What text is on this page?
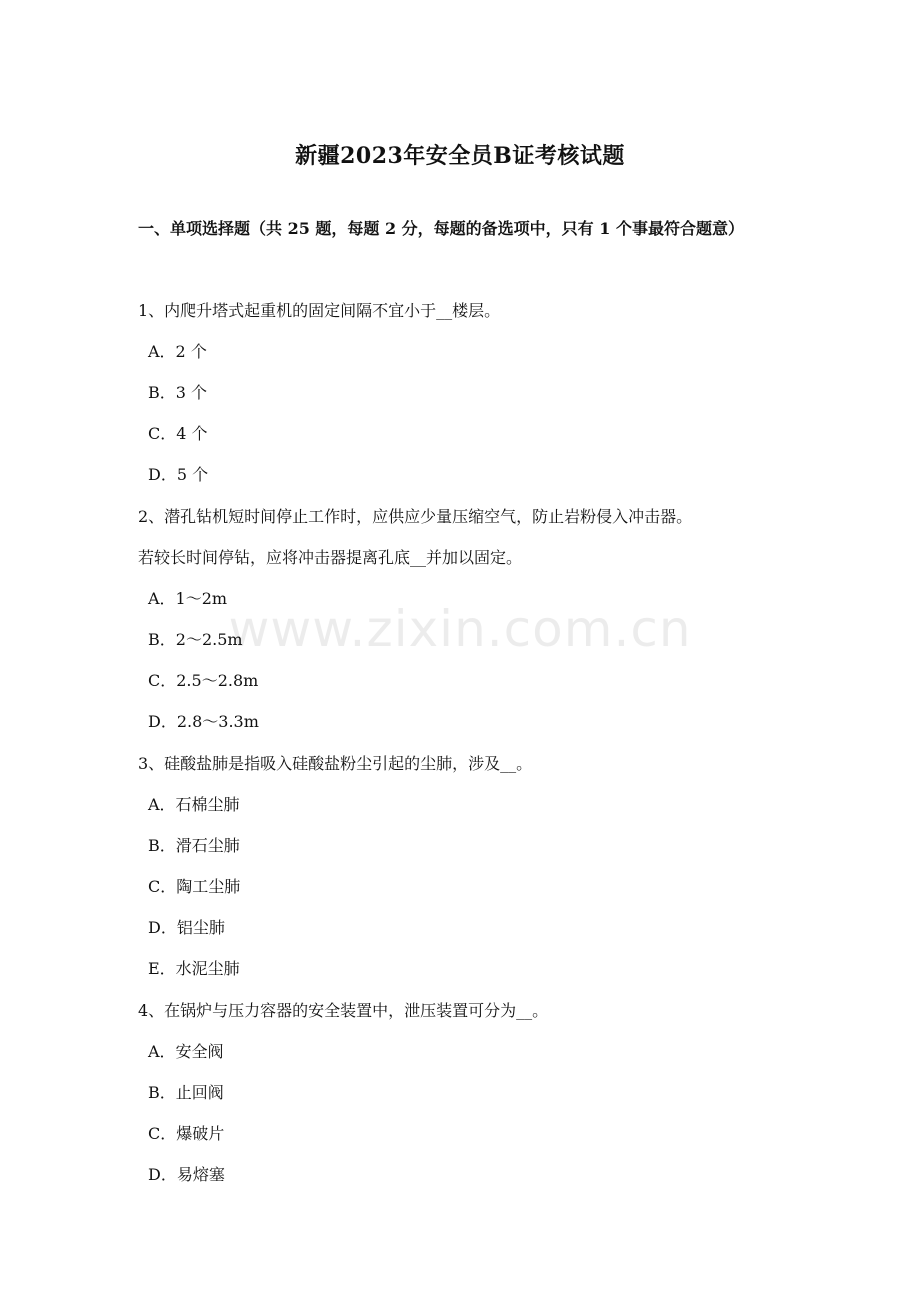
新疆2023年安全员B证考核试题
一、单项选择题（共 25 题，每题 2 分，每题的备选项中，只有 1 个事最符合题意）
1、内爬升塔式起重机的固定间隔不宜小于__楼层。
A．2 个
B．3 个
C．4 个
D．5 个
2、潜孔钻机短时间停止工作时，应供应少量压缩空气，防止岩粉侵入冲击器。
若较长时间停钻，应将冲击器提离孔底__并加以固定。
A．1～2m
B．2～2.5m
C．2.5～2.8m
D．2.8～3.3m
3、硅酸盐肺是指吸入硅酸盐粉尘引起的尘肺，涉及__。
A．石棉尘肺
B．滑石尘肺
C．陶工尘肺
D．铝尘肺
E．水泥尘肺
4、在锅炉与压力容器的安全装置中，泄压装置可分为__。
A．安全阀
B．止回阀
C．爆破片
D．易熔塞
www.zixin.com.cn
